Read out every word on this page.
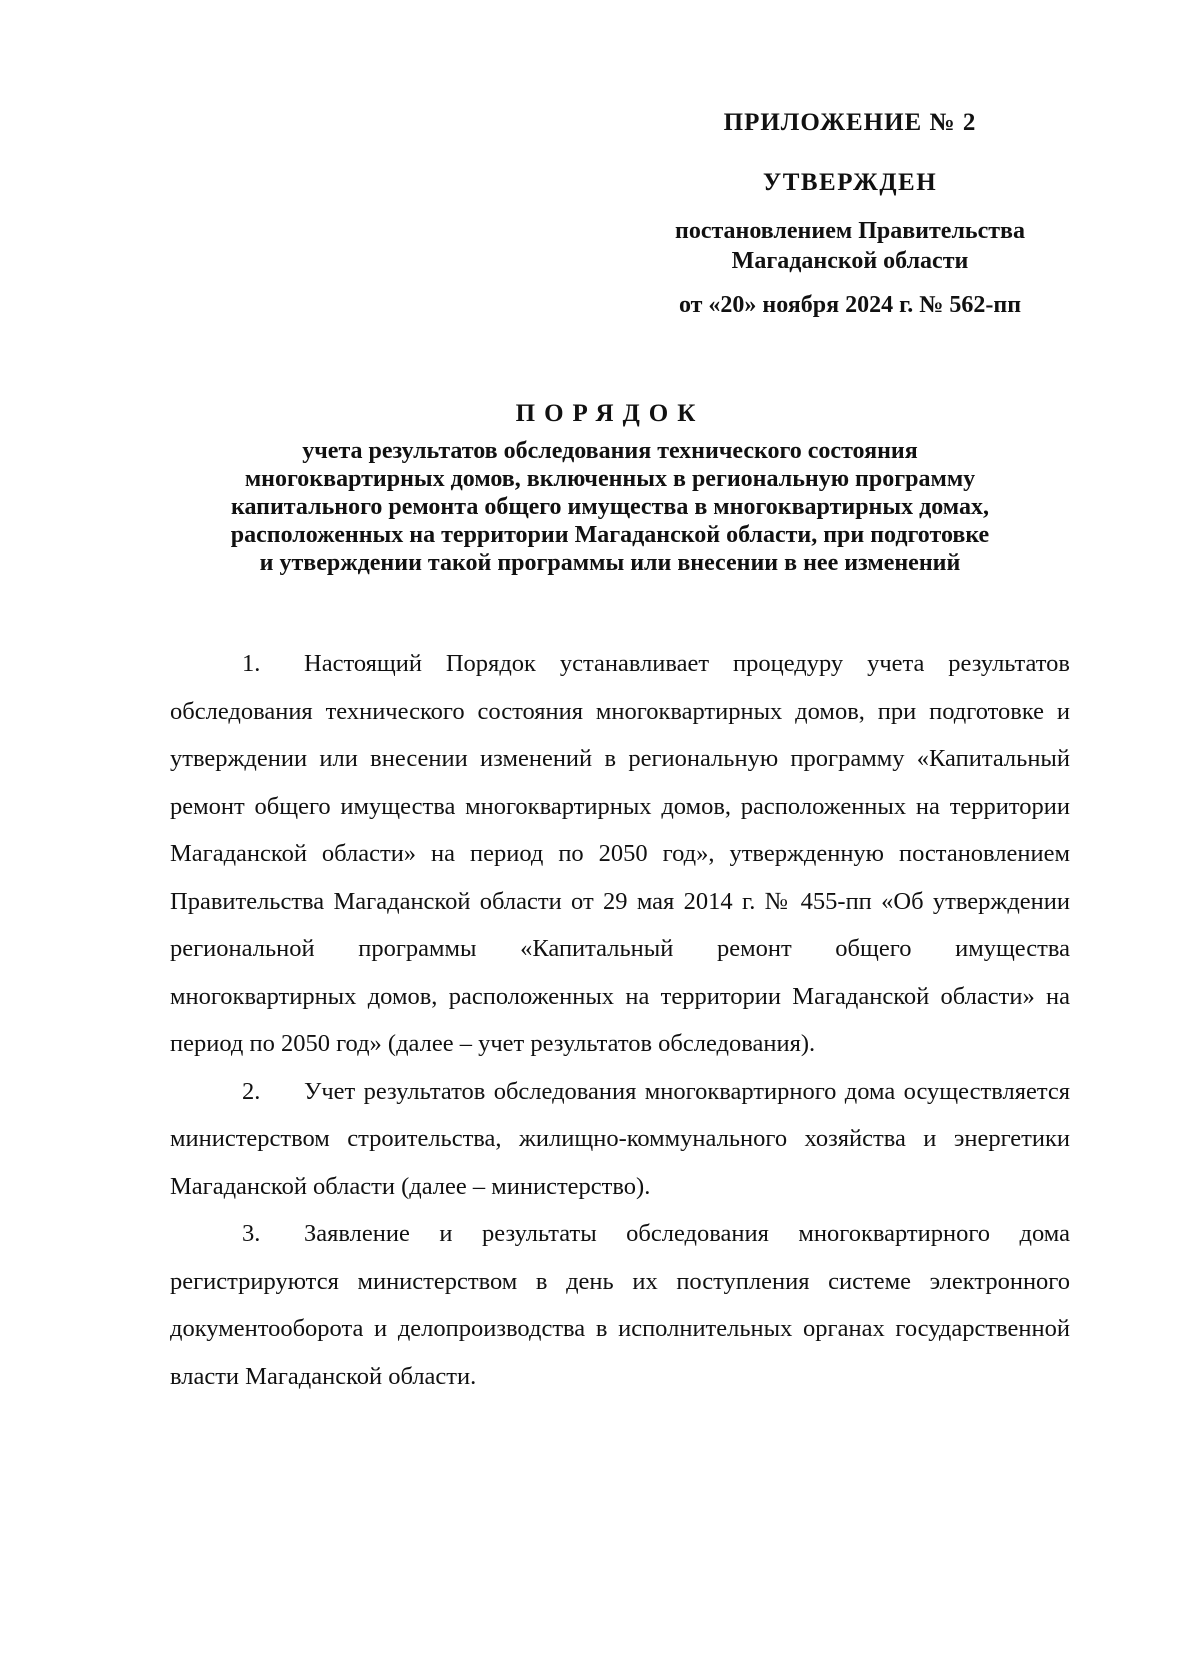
ПРИЛОЖЕНИЕ № 2
УТВЕРЖДЕН
постановлением Правительства
Магаданской области
от «20» ноября 2024 г. № 562-пп
ПОРЯДОК
учета результатов обследования технического состояния
многоквартирных домов, включенных в региональную программу
капитального ремонта общего имущества в многоквартирных домах,
расположенных на территории Магаданской области, при подготовке
и утверждении такой программы или внесении в нее изменений

1. Настоящий Порядок устанавливает процедуру учета результатов обследования технического состояния многоквартирных домов, при подготовке и утверждении или внесении изменений в региональную программу «Капитальный ремонт общего имущества многоквартирных домов, расположенных на территории Магаданской области» на период по 2050 год», утвержденную постановлением Правительства Магаданской области от 29 мая 2014 г. № 455-пп «Об утверждении региональной программы «Капитальный ремонт общего имущества многоквартирных домов, расположенных на территории Магаданской области» на период по 2050 год» (далее – учет результатов обследования).

2. Учет результатов обследования многоквартирного дома осуществляется министерством строительства, жилищно-коммунального хозяйства и энергетики Магаданской области (далее – министерство).

3. Заявление и результаты обследования многоквартирного дома регистрируются министерством в день их поступления системе электронного документооборота и делопроизводства в исполнительных органах государственной власти Магаданской области.
